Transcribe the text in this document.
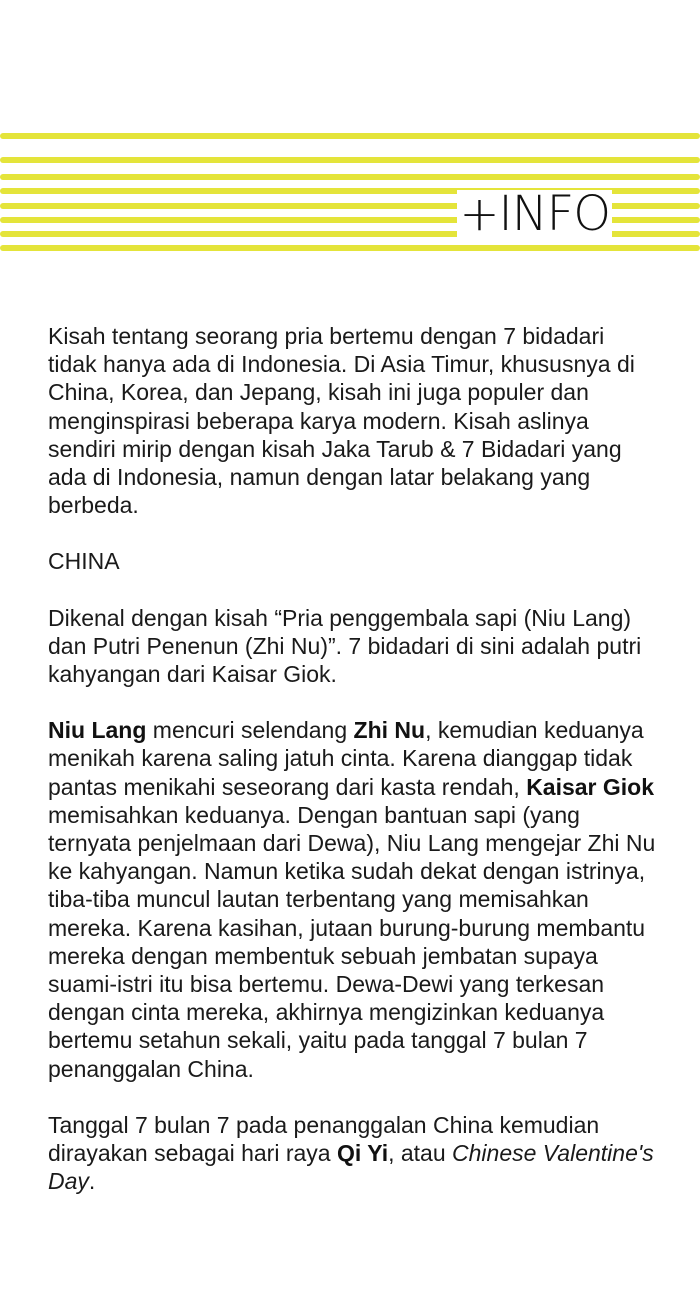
+INFO

Kisah tentang seorang pria bertemu dengan 7 bidadari tidak hanya ada di Indonesia. Di Asia Timur, khususnya di China, Korea, dan Jepang, kisah ini juga populer dan menginspirasi beberapa karya modern. Kisah aslinya sendiri mirip dengan kisah Jaka Tarub & 7 Bidadari yang ada di Indonesia, namun dengan latar belakang yang berbeda.

CHINA

Dikenal dengan kisah “Pria penggembala sapi (Niu Lang) dan Putri Penenun (Zhi Nu)”. 7 bidadari di sini adalah putri kahyangan dari Kaisar Giok.

Niu Lang mencuri selendang Zhi Nu, kemudian keduanya menikah karena saling jatuh cinta. Karena dianggap tidak pantas menikahi seseorang dari kasta rendah, Kaisar Giok memisahkan keduanya. Dengan bantuan sapi (yang ternyata penjelmaan dari Dewa), Niu Lang mengejar Zhi Nu ke kahyangan. Namun ketika sudah dekat dengan istrinya, tiba-tiba muncul lautan terbentang yang memisahkan mereka. Karena kasihan, jutaan burung-burung membantu mereka dengan membentuk sebuah jembatan supaya suami-istri itu bisa bertemu. Dewa-Dewi yang terkesan dengan cinta mereka, akhirnya mengizinkan keduanya bertemu setahun sekali, yaitu pada tanggal 7 bulan 7 penanggalan China.

Tanggal 7 bulan 7 pada penanggalan China kemudian dirayakan sebagai hari raya Qi Yi, atau Chinese Valentine's Day.
